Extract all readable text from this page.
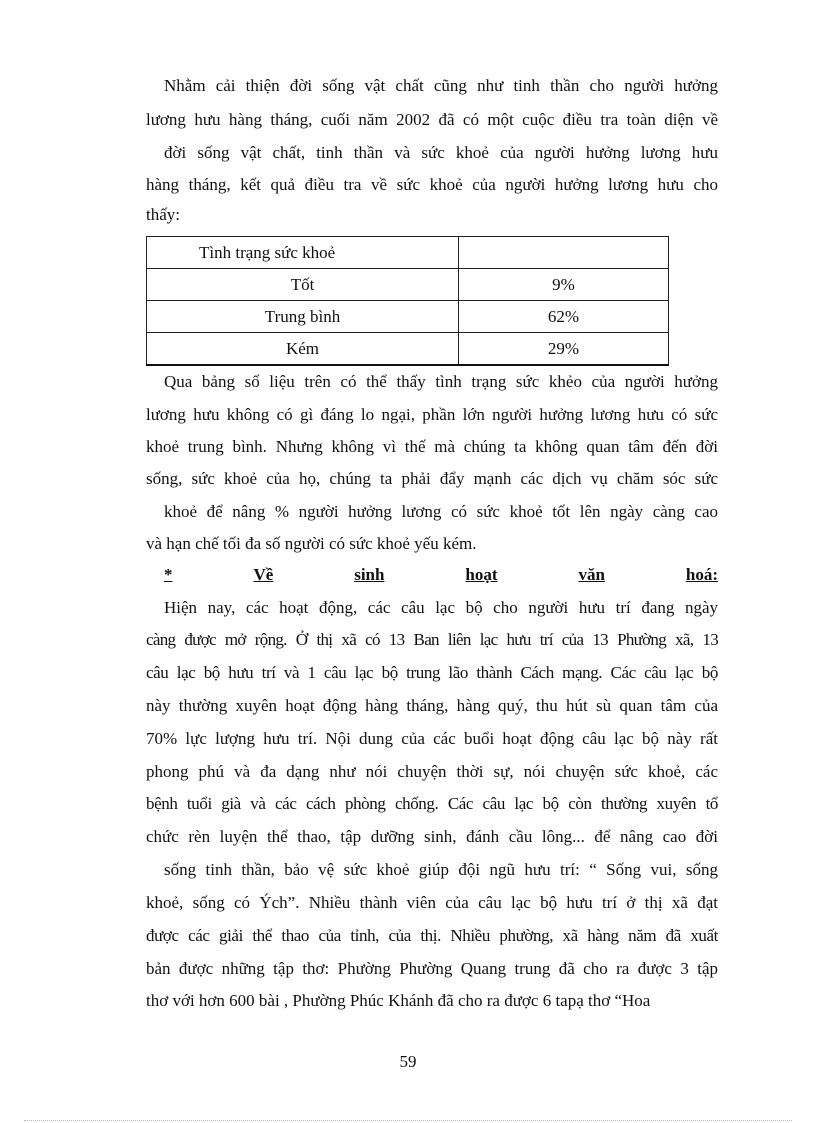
Nhằm cải thiện đời sống vật chất cũng như tinh thần cho người hưởng
lương hưu hàng tháng, cuối năm 2002 đã có một cuộc điều tra toàn diện về
đời sống vật chất, tinh thần và sức khoẻ của người hưởng lương hưu
hàng tháng, kết quả điều tra về sức khoẻ của người hưởng lương hưu cho
thấy:
Tình trạng sức khoẻ	
Tốt	9%
Trung bình	62%
Kém	29%
Qua bảng số liệu trên có thể thấy tình trạng sức khẻo của người hưởng
lương hưu không có gì đáng lo ngại, phần lớn người hưởng lương hưu có sức
khoẻ trung bình. Nhưng không vì thế mà chúng ta không quan tâm đến đời
sống, sức khoẻ của họ, chúng ta phải đẩy mạnh các dịch vụ chăm sóc sức
khoẻ để nâng % người hưởng lương có sức khoẻ tốt lên ngày càng cao
và hạn chế tối đa số người có sức khoẻ yếu kém.
*	Về	sinh	hoạt	văn	hoá:
Hiện nay, các hoạt động, các câu lạc bộ cho người hưu trí đang ngày
càng được mở rộng. Ở thị xã có 13 Ban liên lạc hưu trí của 13 Phường xã, 13
câu lạc bộ hưu trí và 1 câu lạc bộ trung lão thành Cách mạng. Các câu lạc bộ
này thường xuyên hoạt động hàng tháng, hàng quý, thu hút sù quan tâm của
70% lực lượng hưu trí. Nội dung của các buổi hoạt động câu lạc bộ này rất
phong phú và đa dạng như nói chuyện thời sự, nói chuyện sức khoẻ, các
bệnh tuổi già và các cách phòng chống. Các câu lạc bộ còn thường xuyên tổ
chức rèn luyện thể thao, tập dưỡng sinh, đánh cầu lông... để nâng cao đời
sống tinh thần, bảo vệ sức khoẻ giúp đội ngũ hưu trí: “ Sống vui, sống
khoẻ, sống có Ých”. Nhiều thành viên của câu lạc bộ hưu trí ở thị xã đạt
được các giải thể thao của tỉnh, của thị. Nhiều phường, xã hàng năm đã xuất
bản được những tập thơ: Phường Phường Quang trung đã cho ra được 3 tập
thơ với hơn 600 bài , Phường Phúc Khánh đã cho ra được 6 tapạ thơ “Hoa
59
